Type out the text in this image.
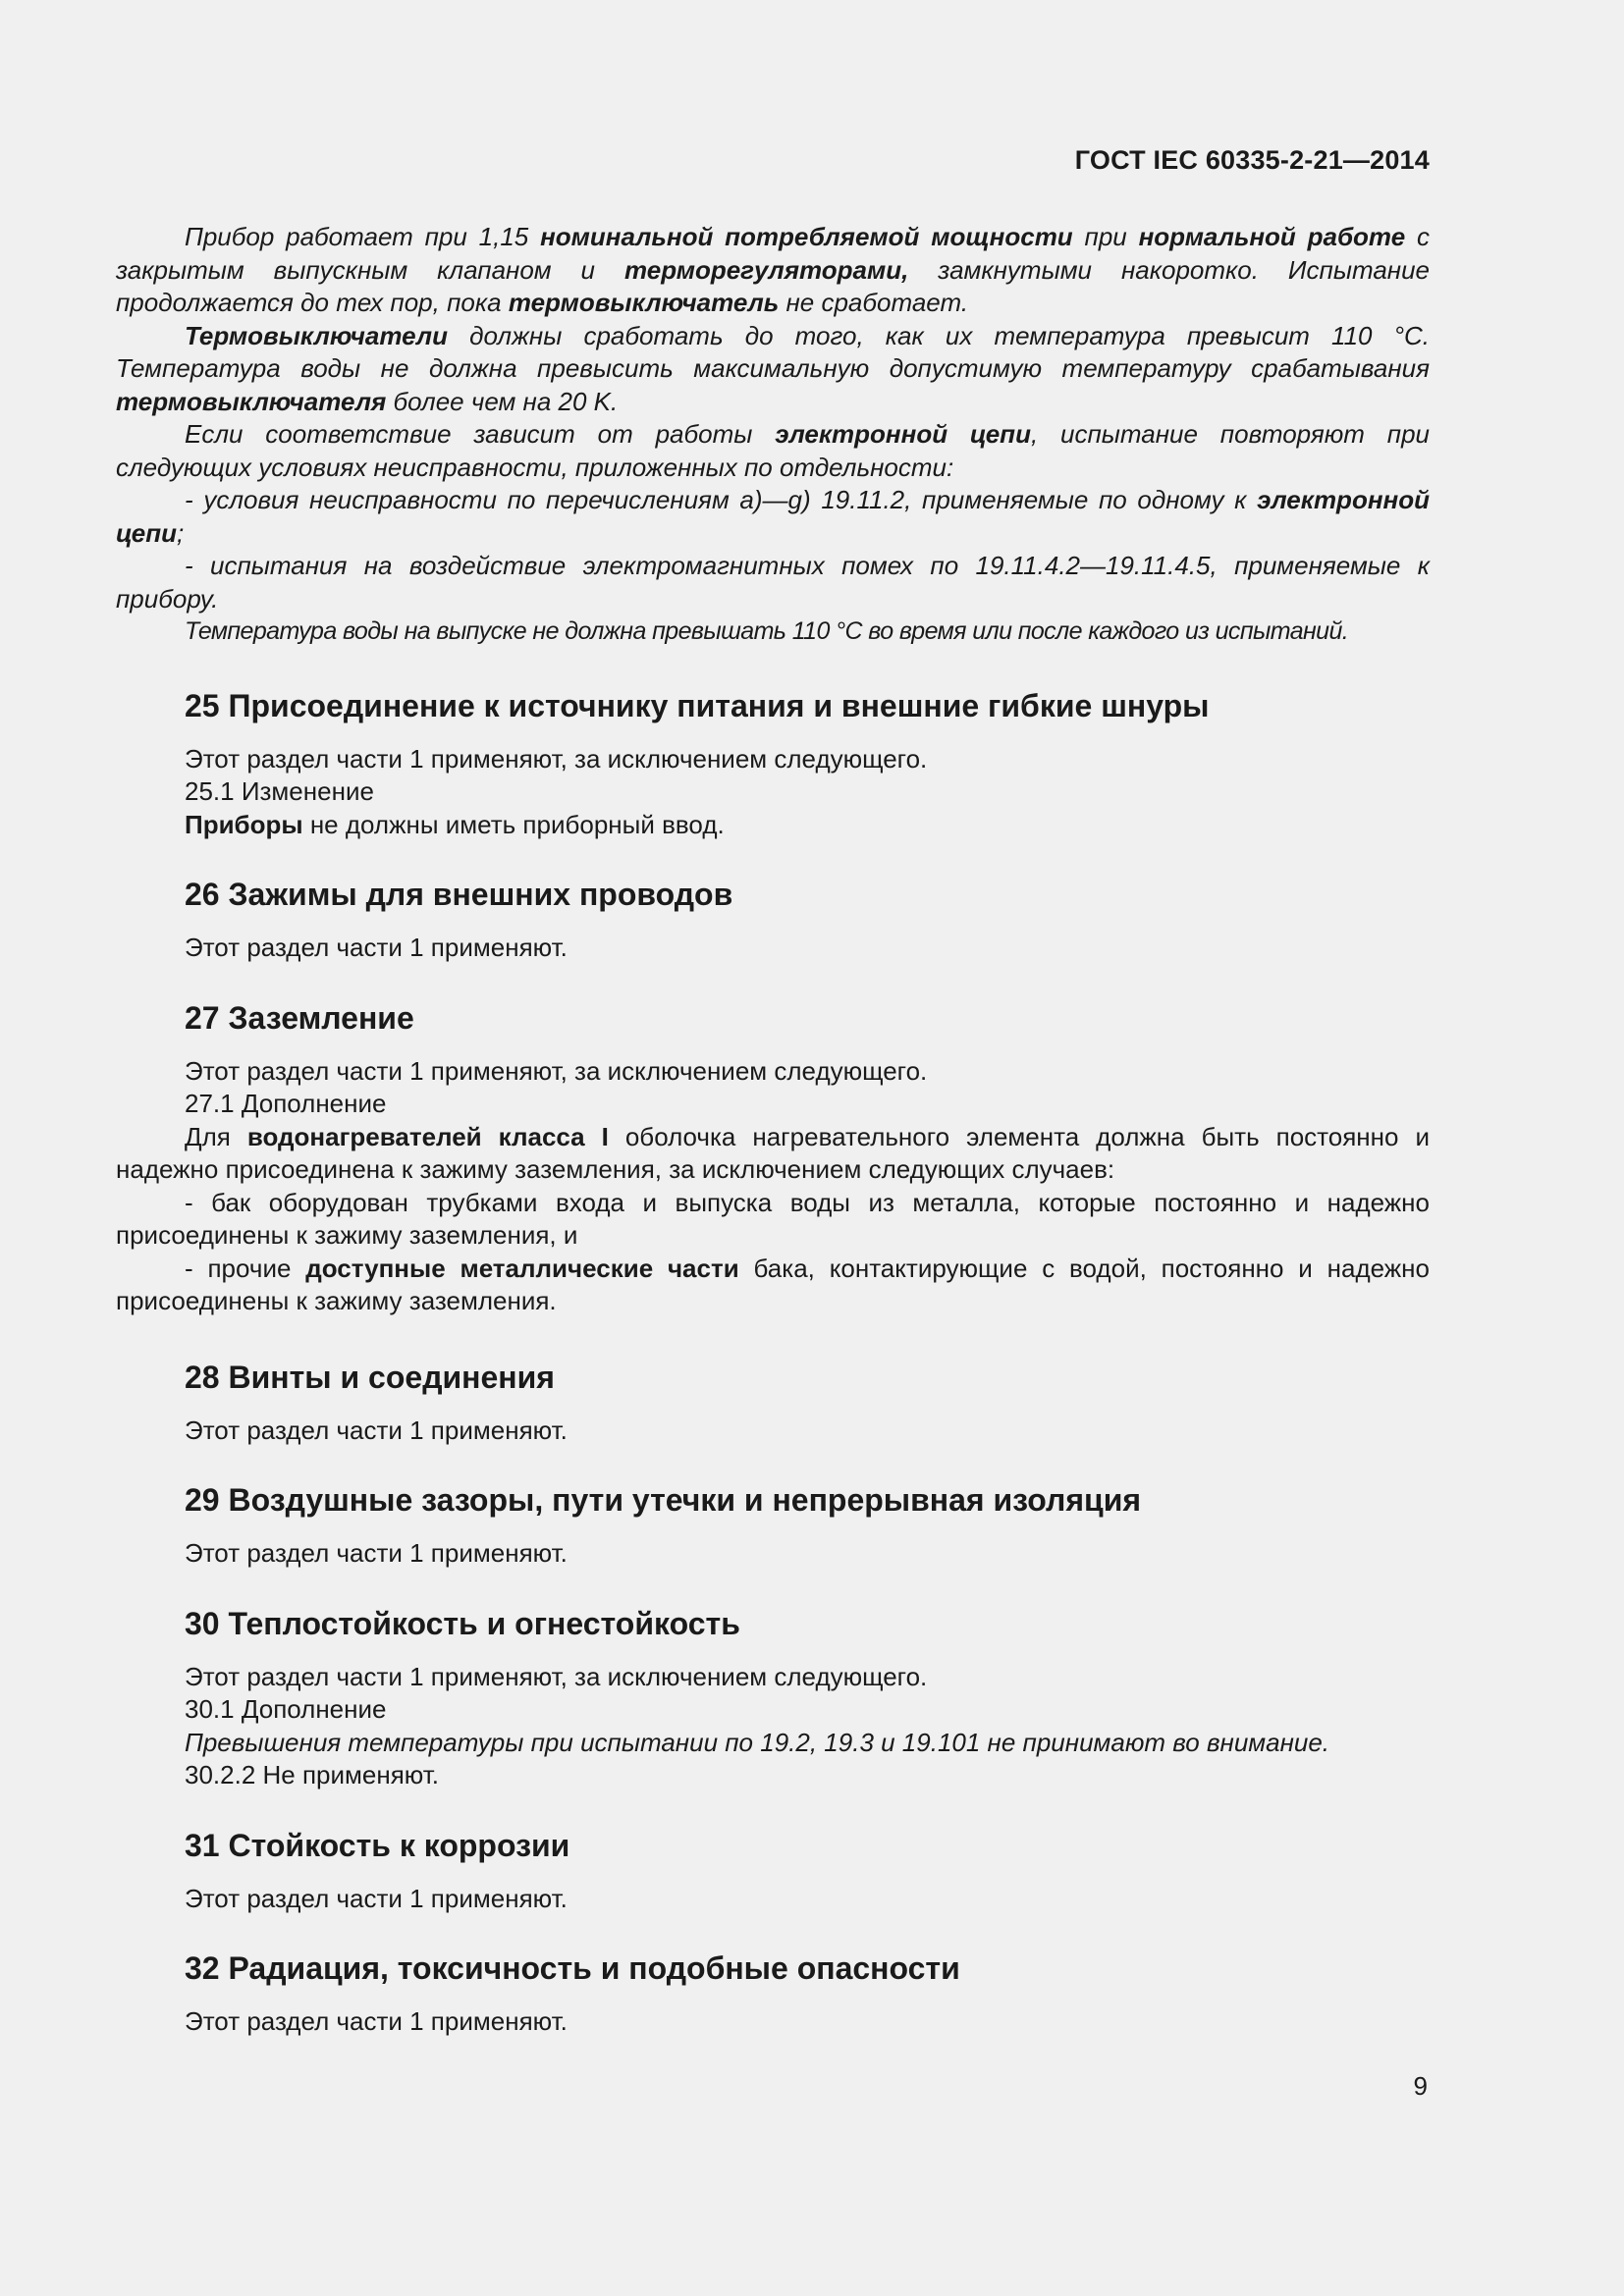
ГОСТ IEC 60335-2-21—2014

Прибор работает при 1,15 номинальной потребляемой мощности при нормальной работе с закрытым выпускным клапаном и терморегуляторами, замкнутыми накоротко. Испытание продолжается до тех пор, пока термовыключатель не сработает.

Термовыключатели должны сработать до того, как их температура превысит 110 °С. Температура воды не должна превысить максимальную допустимую температуру срабатывания термовыключателя более чем на 20 K.

Если соответствие зависит от работы электронной цепи, испытание повторяют при следующих условиях неисправности, приложенных по отдельности:

- условия неисправности по перечислениям а)—g) 19.11.2, применяемые по одному к электронной цепи;

- испытания на воздействие электромагнитных помех по 19.11.4.2—19.11.4.5, применяемые к прибору.

Температура воды на выпуске не должна превышать 110 °С во время или после каждого из испытаний.

25 Присоединение к источнику питания и внешние гибкие шнуры

Этот раздел части 1 применяют, за исключением следующего.

25.1 Изменение

Приборы не должны иметь приборный ввод.

26 Зажимы для внешних проводов

Этот раздел части 1 применяют.

27 Заземление

Этот раздел части 1 применяют, за исключением следующего.

27.1 Дополнение

Для водонагревателей класса I оболочка нагревательного элемента должна быть постоянно и надежно присоединена к зажиму заземления, за исключением следующих случаев:

- бак оборудован трубками входа и выпуска воды из металла, которые постоянно и надежно присоединены к зажиму заземления, и

- прочие доступные металлические части бака, контактирующие с водой, постоянно и надежно присоединены к зажиму заземления.

28 Винты и соединения

Этот раздел части 1 применяют.

29 Воздушные зазоры, пути утечки и непрерывная изоляция

Этот раздел части 1 применяют.

30 Теплостойкость и огнестойкость

Этот раздел части 1 применяют, за исключением следующего.

30.1 Дополнение

Превышения температуры при испытании по 19.2, 19.3 и 19.101 не принимают во внимание.

30.2.2 Не применяют.

31 Стойкость к коррозии

Этот раздел части 1 применяют.

32 Радиация, токсичность и подобные опасности

Этот раздел части 1 применяют.

9
